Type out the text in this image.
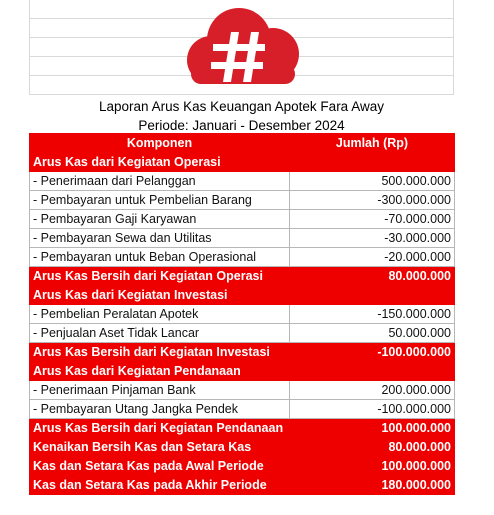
Laporan Arus Kas Keuangan Apotek Fara Away
Periode: Januari - Desember 2024
Komponen	Jumlah (Rp)
Arus Kas dari Kegiatan Operasi	
- Penerimaan dari Pelanggan	500.000.000
- Pembayaran untuk Pembelian Barang	-300.000.000
- Pembayaran Gaji Karyawan	-70.000.000
- Pembayaran Sewa dan Utilitas	-30.000.000
- Pembayaran untuk Beban Operasional	-20.000.000
Arus Kas Bersih dari Kegiatan Operasi	80.000.000
Arus Kas dari Kegiatan Investasi	
- Pembelian Peralatan Apotek	-150.000.000
- Penjualan Aset Tidak Lancar	50.000.000
Arus Kas Bersih dari Kegiatan Investasi	-100.000.000
Arus Kas dari Kegiatan Pendanaan	
- Penerimaan Pinjaman Bank	200.000.000
- Pembayaran Utang Jangka Pendek	-100.000.000
Arus Kas Bersih dari Kegiatan Pendanaan	100.000.000
Kenaikan Bersih Kas dan Setara Kas	80.000.000
Kas dan Setara Kas pada Awal Periode	100.000.000
Kas dan Setara Kas pada Akhir Periode	180.000.000
